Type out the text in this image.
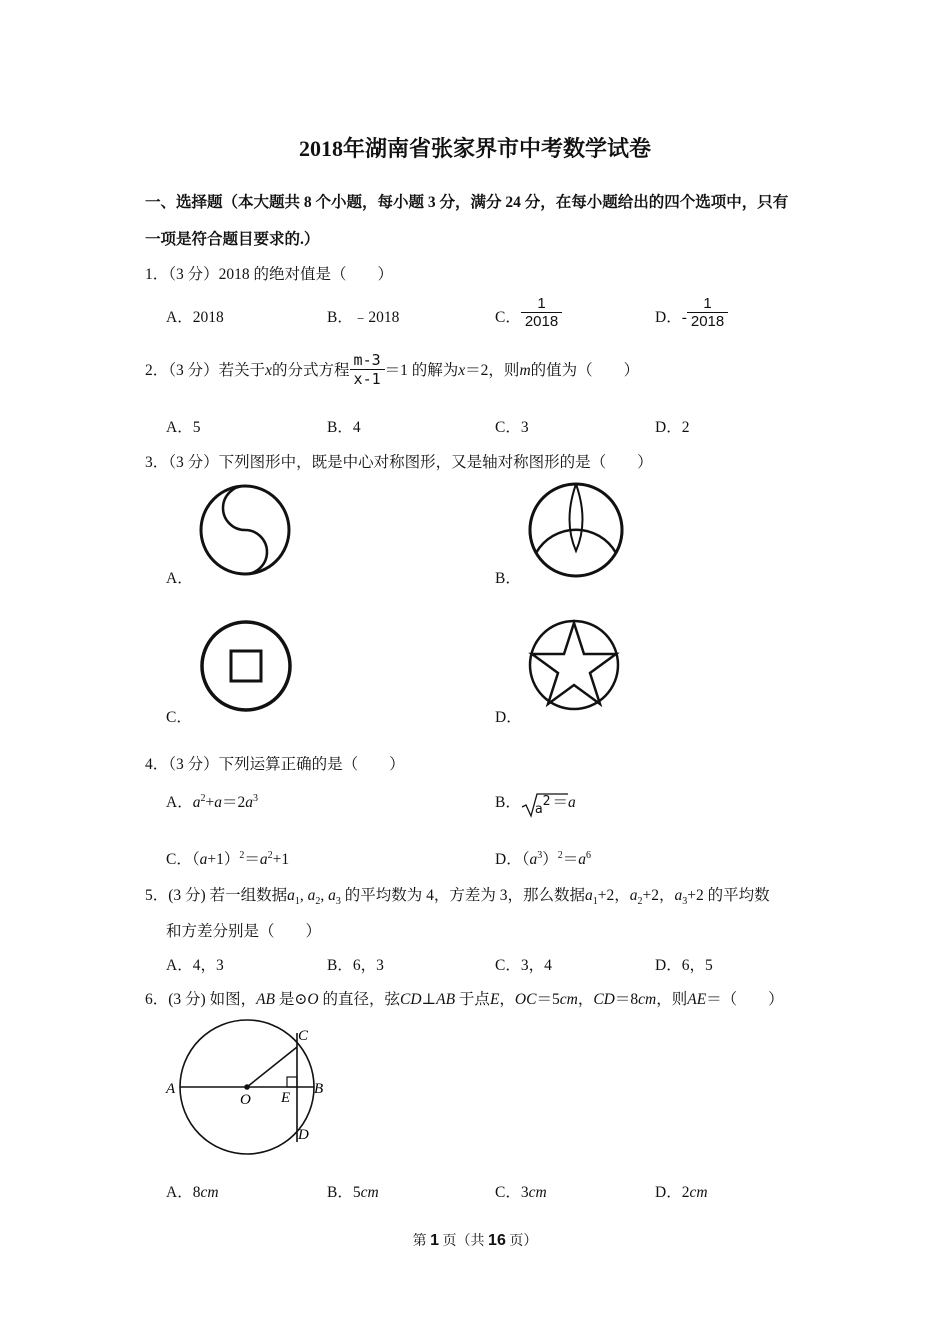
2018年湖南省张家界市中考数学试卷
一、选择题（本大题共 8 个小题，每小题 3 分，满分 24 分，在每小题给出的四个选项中，只有
一项是符合题目要求的.）
1．（3 分）2018 的绝对值是（　　）
A．2018	B．﹣2018	C． $\frac{1}{2018}$	D．- $\frac{1}{2018}$
2．（3 分）若关于x的分式方程 $\frac{m-3}{x-1} =1$ 的解为x＝2，则m的值为（　　）
A．5	B．4	C．3	D．2
3．（3 分）下列图形中，既是中心对称图形，又是轴对称图形的是（　　）
A．	B．
C．	D．
4．（3 分）下列运算正确的是（　　）
A．$a^2+a=2a^3$	B． $_a$2 ＝a
C．$(a+1)^2=a^2+1$	D．$(a^3)^2=a^6$
5．(3 分) 若一组数据$a_1$, $a_2$, $a_3$ 的平均数为 4，方差为 3，那么数据$a_1+2$，$a_2+2$，$a_3+2$ 的平均数
和方差分别是（　　）
A．4，3	B．6，3	C．3，4	D．6，5
6．(3 分) 如图，AB 是⊙O 的直径，弦CD⊥AB 于点E，OC＝5cm，CD＝8cm，则AE＝（　　）
A
O E
B
C
D
A．8cm	B．5cm	C．3cm	D．2cm
第 1 页（共 16 页）
